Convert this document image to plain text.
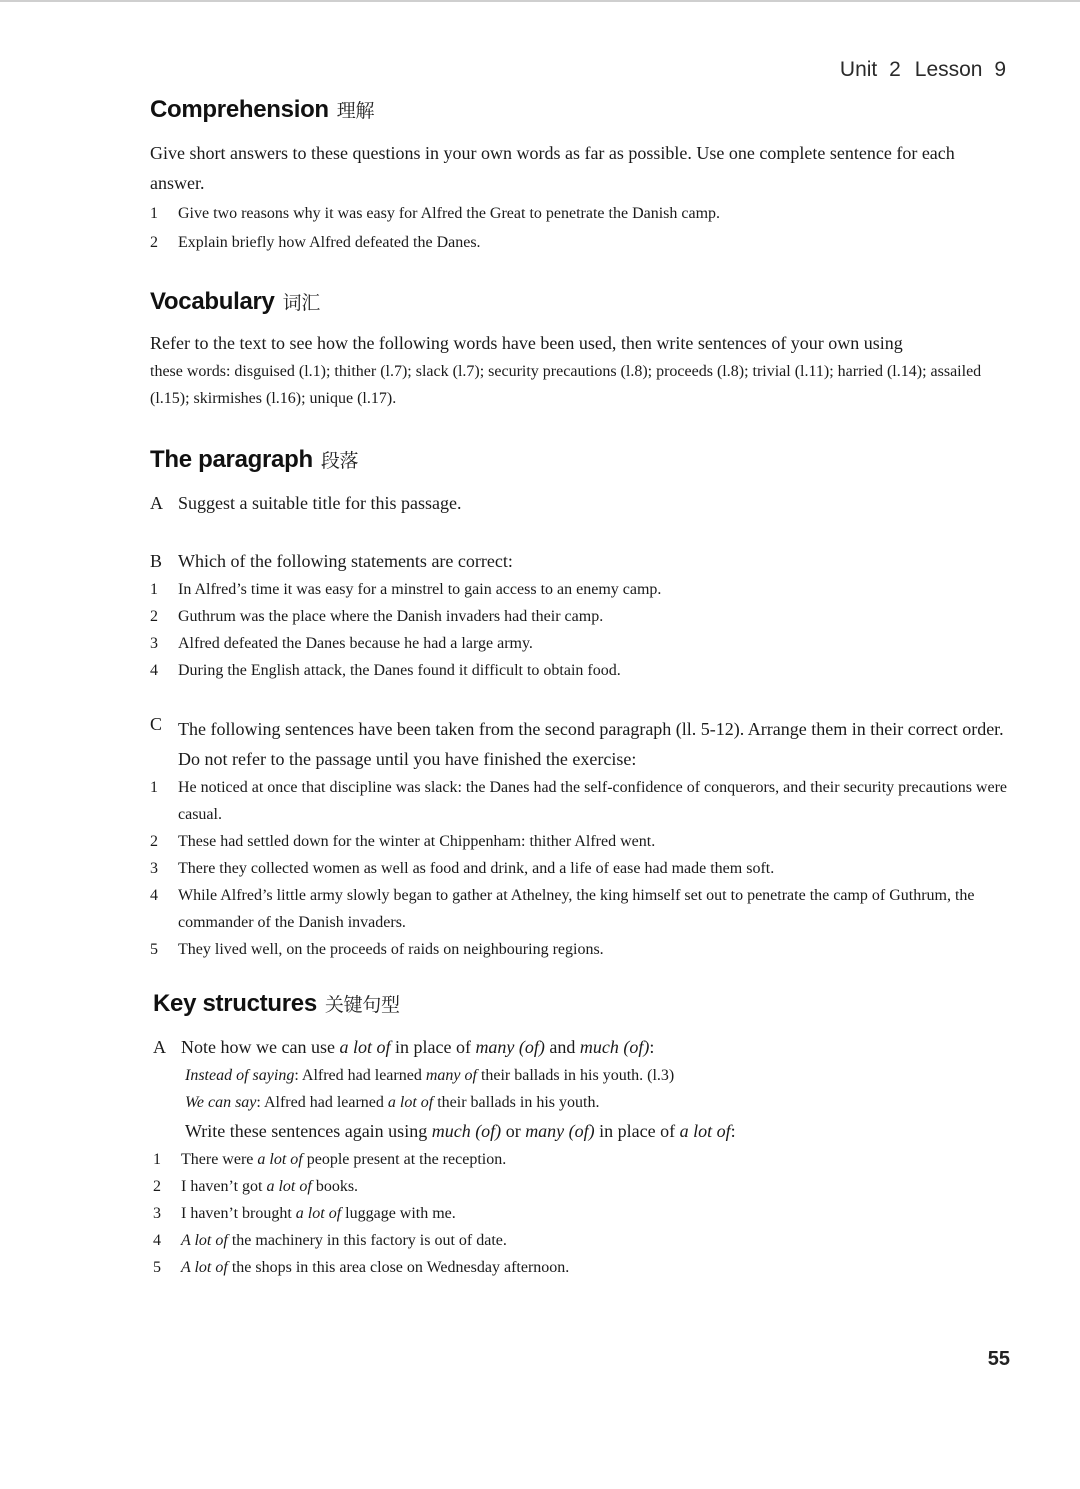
Unit 2 Lesson 9
Comprehension 理解
Give short answers to these questions in your own words as far as possible. Use one complete sentence for each answer.
1	Give two reasons why it was easy for Alfred the Great to penetrate the Danish camp.
2	Explain briefly how Alfred defeated the Danes.
Vocabulary 词汇
Refer to the text to see how the following words have been used, then write sentences of your own using
these words: disguised (l.1); thither (l.7); slack (l.7); security precautions (l.8); proceeds (l.8); trivial (l.11); harried (l.14); assailed (l.15); skirmishes (l.16); unique (l.17).
The paragraph 段落
A Suggest a suitable title for this passage.
B Which of the following statements are correct:
1	In Alfred’s time it was easy for a minstrel to gain access to an enemy camp.
2	Guthrum was the place where the Danish invaders had their camp.
3	Alfred defeated the Danes because he had a large army.
4	During the English attack, the Danes found it difficult to obtain food.
C The following sentences have been taken from the second paragraph (ll. 5-12). Arrange them in their correct order. Do not refer to the passage until you have finished the exercise:
1	He noticed at once that discipline was slack: the Danes had the self-confidence of conquerors, and their security precautions were casual.
2	These had settled down for the winter at Chippenham: thither Alfred went.
3	There they collected women as well as food and drink, and a life of ease had made them soft.
4	While Alfred’s little army slowly began to gather at Athelney, the king himself set out to penetrate the camp of Guthrum, the commander of the Danish invaders.
5	They lived well, on the proceeds of raids on neighbouring regions.
Key structures 关键句型
A Note how we can use a lot of in place of many (of) and much (of):
Instead of saying: Alfred had learned many of their ballads in his youth. (l.3)
We can say: Alfred had learned a lot of their ballads in his youth.
Write these sentences again using much (of) or many (of) in place of a lot of:
1	There were a lot of people present at the reception.
2	I haven’t got a lot of books.
3	I haven’t brought a lot of luggage with me.
4	A lot of the machinery in this factory is out of date.
5	A lot of the shops in this area close on Wednesday afternoon.
55
